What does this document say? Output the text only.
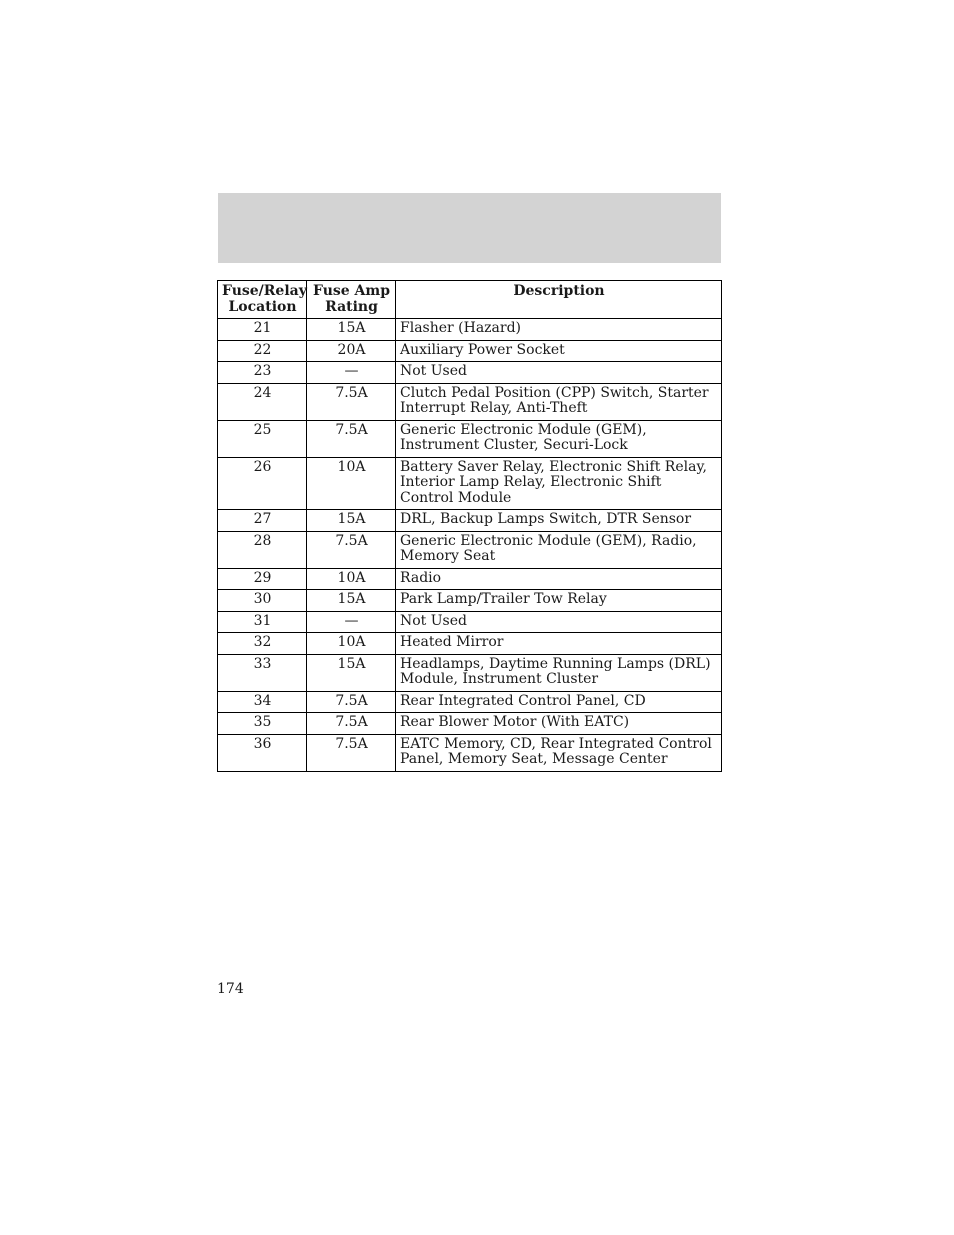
Fuse/Relay Location	Fuse Amp Rating	Description
21	15A	Flasher (Hazard)
22	20A	Auxiliary Power Socket
23	—	Not Used
24	7.5A	Clutch Pedal Position (CPP) Switch, Starter Interrupt Relay, Anti-Theft
25	7.5A	Generic Electronic Module (GEM), Instrument Cluster, Securi-Lock
26	10A	Battery Saver Relay, Electronic Shift Relay, Interior Lamp Relay, Electronic Shift Control Module
27	15A	DRL, Backup Lamps Switch, DTR Sensor
28	7.5A	Generic Electronic Module (GEM), Radio, Memory Seat
29	10A	Radio
30	15A	Park Lamp/Trailer Tow Relay
31	—	Not Used
32	10A	Heated Mirror
33	15A	Headlamps, Daytime Running Lamps (DRL) Module, Instrument Cluster
34	7.5A	Rear Integrated Control Panel, CD
35	7.5A	Rear Blower Motor (With EATC)
36	7.5A	EATC Memory, CD, Rear Integrated Control Panel, Memory Seat, Message Center
174
